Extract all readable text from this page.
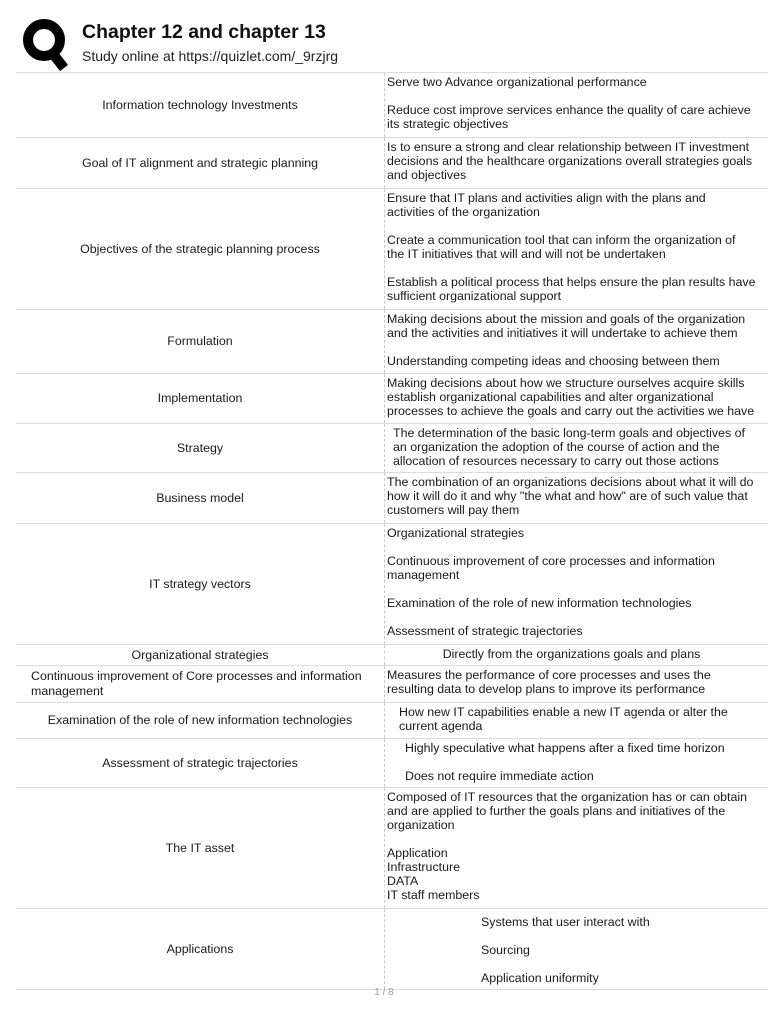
Chapter 12 and chapter 13
Study online at https://quizlet.com/_9rzjrg
Information technology Investments
Serve two Advance organizational performance
Reduce cost improve services enhance the quality of care achieve its strategic objectives
Goal of IT alignment and strategic planning
Is to ensure a strong and clear relationship between IT investment decisions and the healthcare organizations overall strategies goals and objectives
Objectives of the strategic planning process
Ensure that IT plans and activities align with the plans and activities of the organization
Create a communication tool that can inform the organization of the IT initiatives that will and will not be undertaken
Establish a political process that helps ensure the plan results have sufficient organizational support
Formulation
Making decisions about the mission and goals of the organization and the activities and initiatives it will undertake to achieve them
Understanding competing ideas and choosing between them
Implementation
Making decisions about how we structure ourselves acquire skills establish organizational capabilities and alter organizational processes to achieve the goals and carry out the activities we have
Strategy
The determination of the basic long-term goals and objectives of an organization the adoption of the course of action and the allocation of resources necessary to carry out those actions
Business model
The combination of an organizations decisions about what it will do how it will do it and why "the what and how" are of such value that customers will pay them
IT strategy vectors
Organizational strategies
Continuous improvement of core processes and information management
Examination of the role of new information technologies
Assessment of strategic trajectories
Organizational strategies	Directly from the organizations goals and plans
Continuous improvement of Core processes and information management
Measures the performance of core processes and uses the resulting data to develop plans to improve its performance
Examination of the role of new information technologies
How new IT capabilities enable a new IT agenda or alter the current agenda
Assessment of strategic trajectories
Highly speculative what happens after a fixed time horizon
Does not require immediate action
The IT asset
Composed of IT resources that the organization has or can obtain and are applied to further the goals plans and initiatives of the organization
Application
Infrastructure
DATA
IT staff members
Applications
Systems that user interact with
Sourcing
Application uniformity
1 / 8
